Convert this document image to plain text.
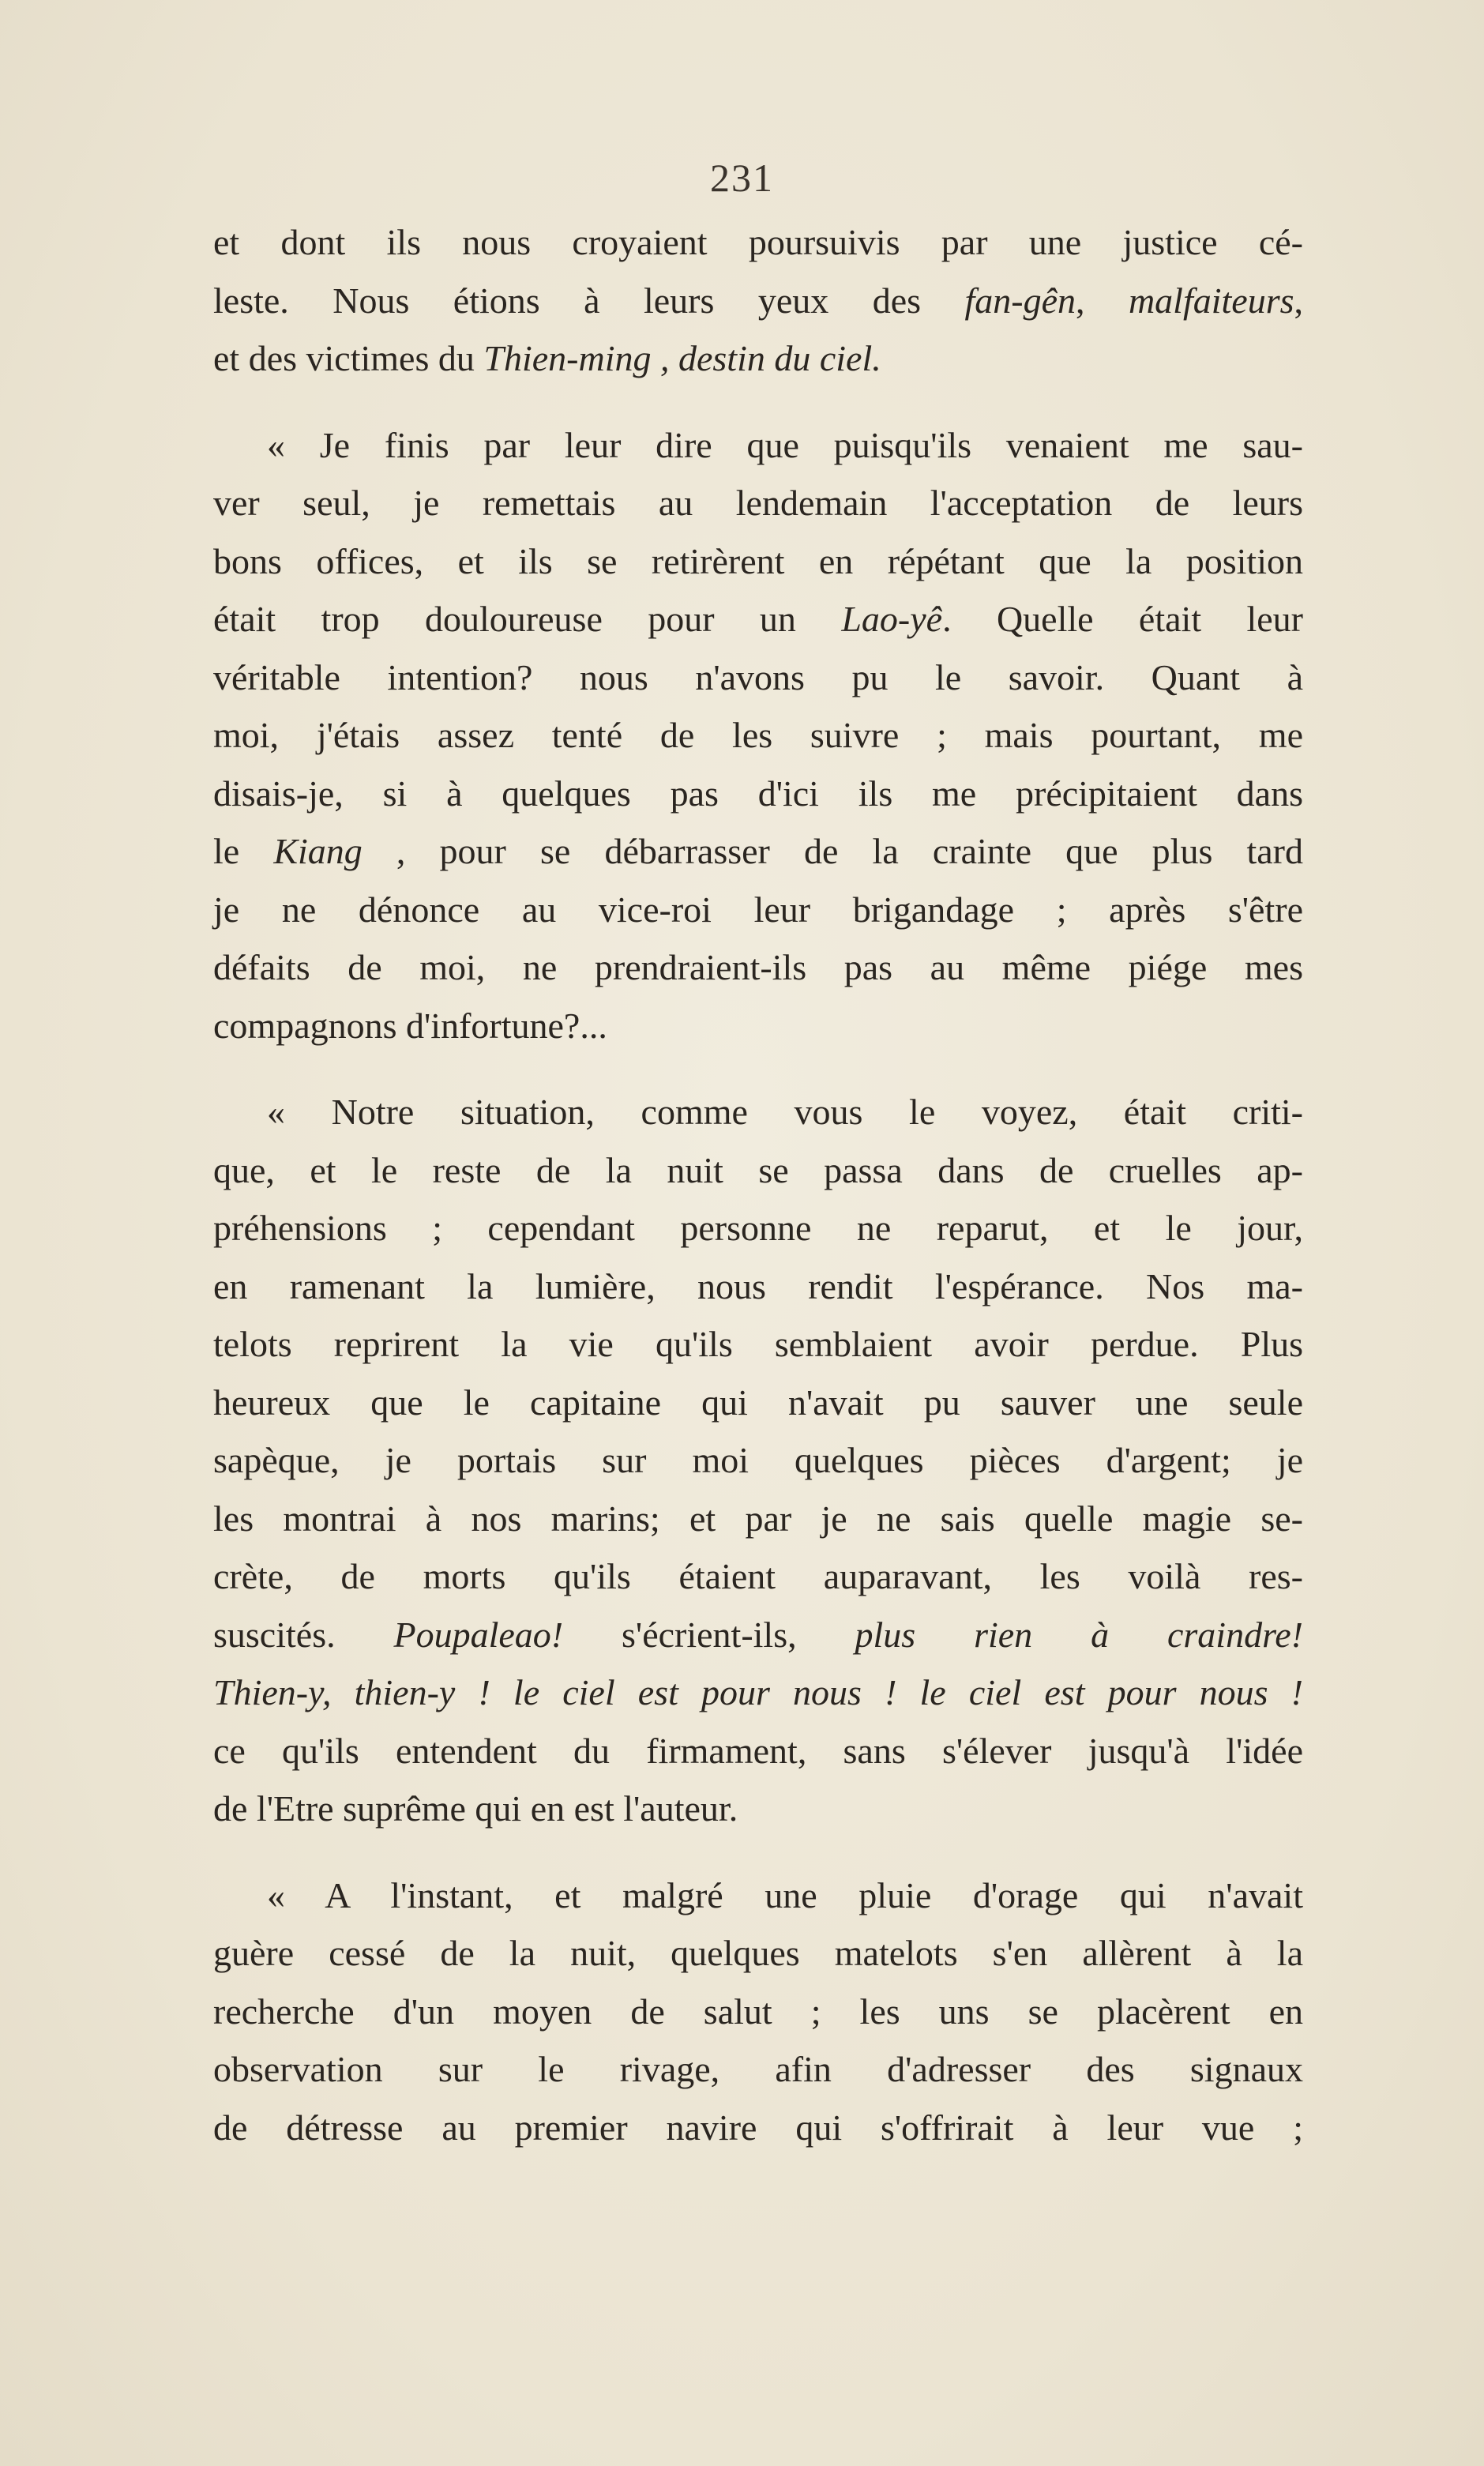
231
et dont ils nous croyaient poursuivis par une justice cé-
leste. Nous étions à leurs yeux des fan-gên, malfaiteurs,
et des victimes du Thien-ming , destin du ciel.
« Je finis par leur dire que puisqu'ils venaient me sau-
ver seul, je remettais au lendemain l'acceptation de leurs
bons offices, et ils se retirèrent en répétant que la position
était trop douloureuse pour un Lao-yê. Quelle était leur
véritable intention? nous n'avons pu le savoir. Quant à
moi, j'étais assez tenté de les suivre ; mais pourtant, me
disais-je, si à quelques pas d'ici ils me précipitaient dans
le Kiang , pour se débarrasser de la crainte que plus tard
je ne dénonce au vice-roi leur brigandage ; après s'être
défaits de moi, ne prendraient-ils pas au même piége mes
compagnons d'infortune?...
« Notre situation, comme vous le voyez, était criti-
que, et le reste de la nuit se passa dans de cruelles ap-
préhensions ; cependant personne ne reparut, et le jour,
en ramenant la lumière, nous rendit l'espérance. Nos ma-
telots reprirent la vie qu'ils semblaient avoir perdue. Plus
heureux que le capitaine qui n'avait pu sauver une seule
sapèque, je portais sur moi quelques pièces d'argent; je
les montrai à nos marins; et par je ne sais quelle magie se-
crète, de morts qu'ils étaient auparavant, les voilà res-
suscités. Poupaleao! s'écrient-ils, plus rien à craindre!
Thien-y, thien-y ! le ciel est pour nous ! le ciel est pour nous !
ce qu'ils entendent du firmament, sans s'élever jusqu'à l'idée
de l'Etre suprême qui en est l'auteur.
« A l'instant, et malgré une pluie d'orage qui n'avait
guère cessé de la nuit, quelques matelots s'en allèrent à la
recherche d'un moyen de salut ; les uns se placèrent en
observation sur le rivage, afin d'adresser des signaux
de détresse au premier navire qui s'offrirait à leur vue ;
